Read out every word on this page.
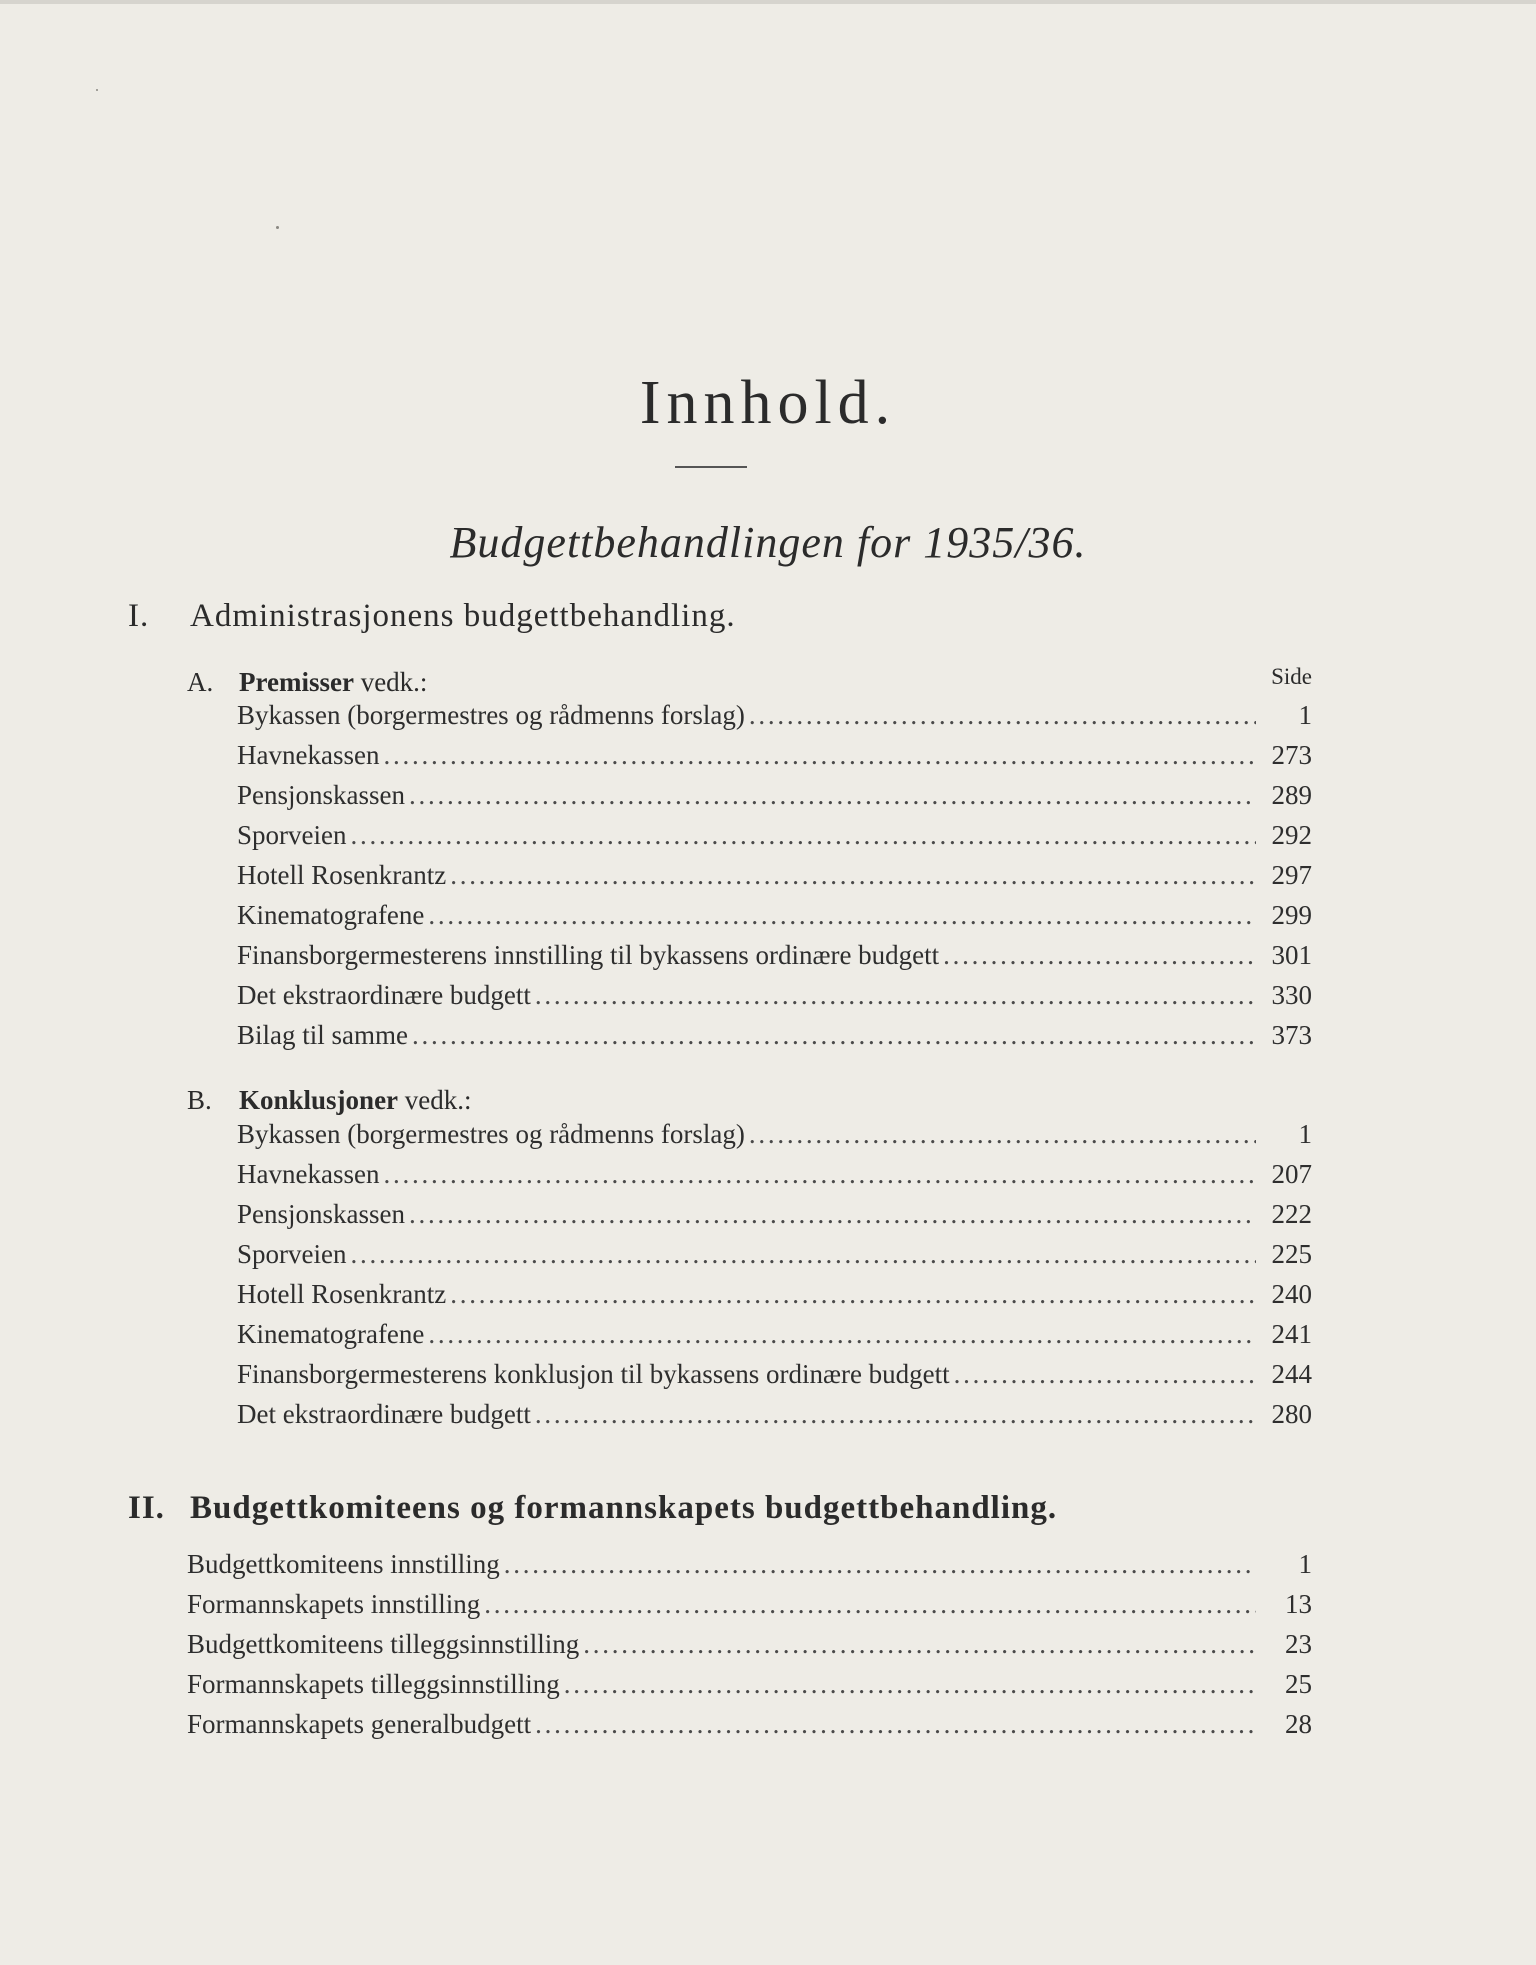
Innhold.
Budgettbehandlingen for 1935/36.
I. Administrasjonens budgettbehandling.
A. Premisser vedk.:	Side
Bykassen (borgermestres og rådmenns forslag) . . .	1
Havnekassen . . .	273
Pensjonskassen . . .	289
Sporveien . . .	292
Hotell Rosenkrantz . . .	297
Kinematografene . . .	299
Finansborgermesterens innstilling til bykassens ordinære budgett . . .	301
Det ekstraordinære budgett . . .	330
Bilag til samme . . .	373
B. Konklusjoner vedk.:
Bykassen (borgermestres og rådmenns forslag) . . .	1
Havnekassen . . .	207
Pensjonskassen . . .	222
Sporveien . . .	225
Hotell Rosenkrantz . . .	240
Kinematografene . . .	241
Finansborgermesterens konklusjon til bykassens ordinære budgett . . .	244
Det ekstraordinære budgett . . .	280
II. Budgettkomiteens og formannskapets budgettbehandling.
Budgettkomiteens innstilling . . .	1
Formannskapets innstilling . . .	13
Budgettkomiteens tilleggsinnstilling . . .	23
Formannskapets tilleggsinnstilling . . .	25
Formannskapets generalbudgett . . .	28
